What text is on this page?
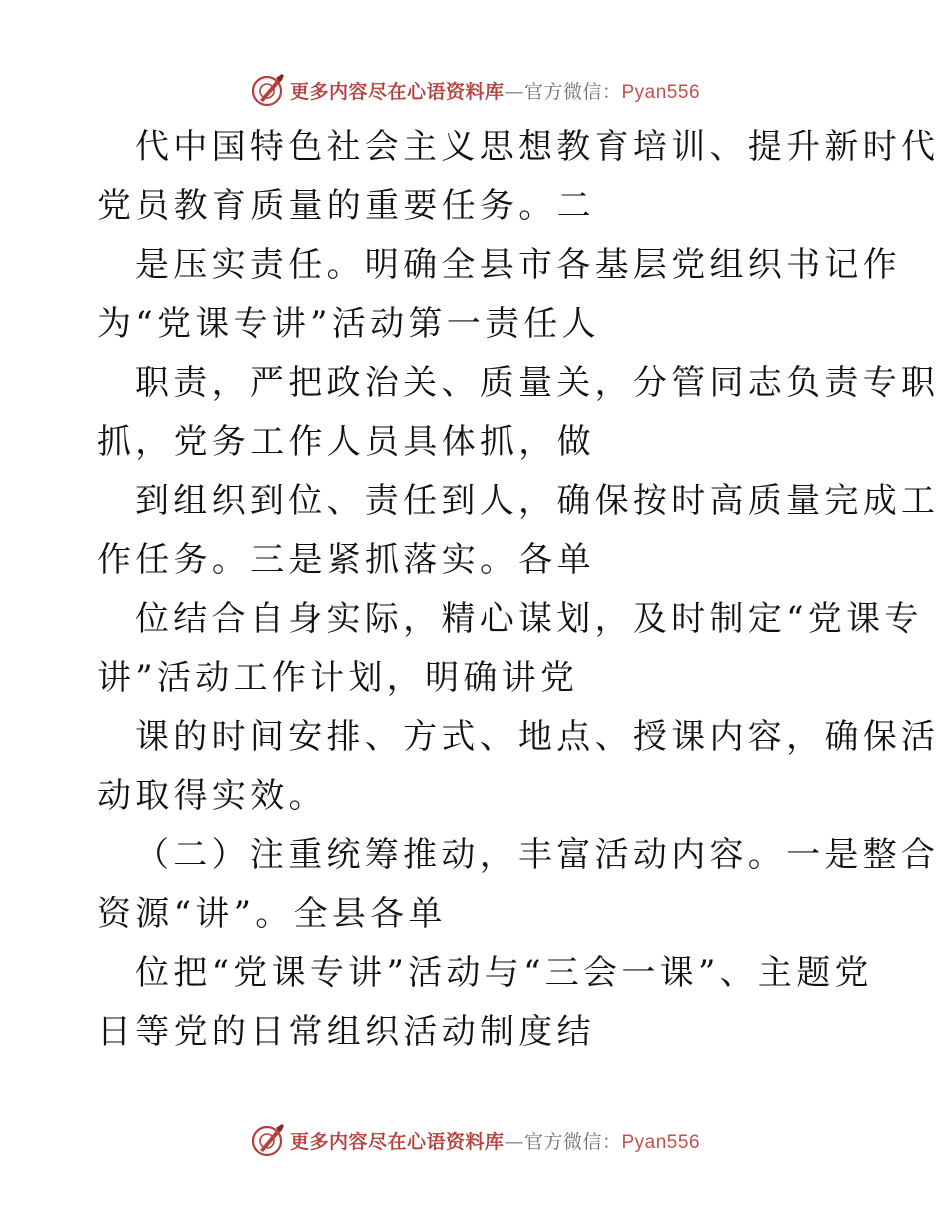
更多内容尽在心语资料库—官方微信：Pyan556
代中国特色社会主义思想教育培训、提升新时代
党员教育质量的重要任务。二
是压实责任。明确全县市各基层党组织书记作
为“党课专讲”活动第一责任人
职责，严把政治关、质量关，分管同志负责专职
抓，党务工作人员具体抓，做
到组织到位、责任到人，确保按时高质量完成工
作任务。三是紧抓落实。各单
位结合自身实际，精心谋划，及时制定“党课专
讲”活动工作计划，明确讲党
课的时间安排、方式、地点、授课内容，确保活
动取得实效。
（二）注重统筹推动，丰富活动内容。一是整合
资源“讲”。全县各单
位把“党课专讲”活动与“三会一课”、主题党
日等党的日常组织活动制度结
更多内容尽在心语资料库—官方微信：Pyan556
